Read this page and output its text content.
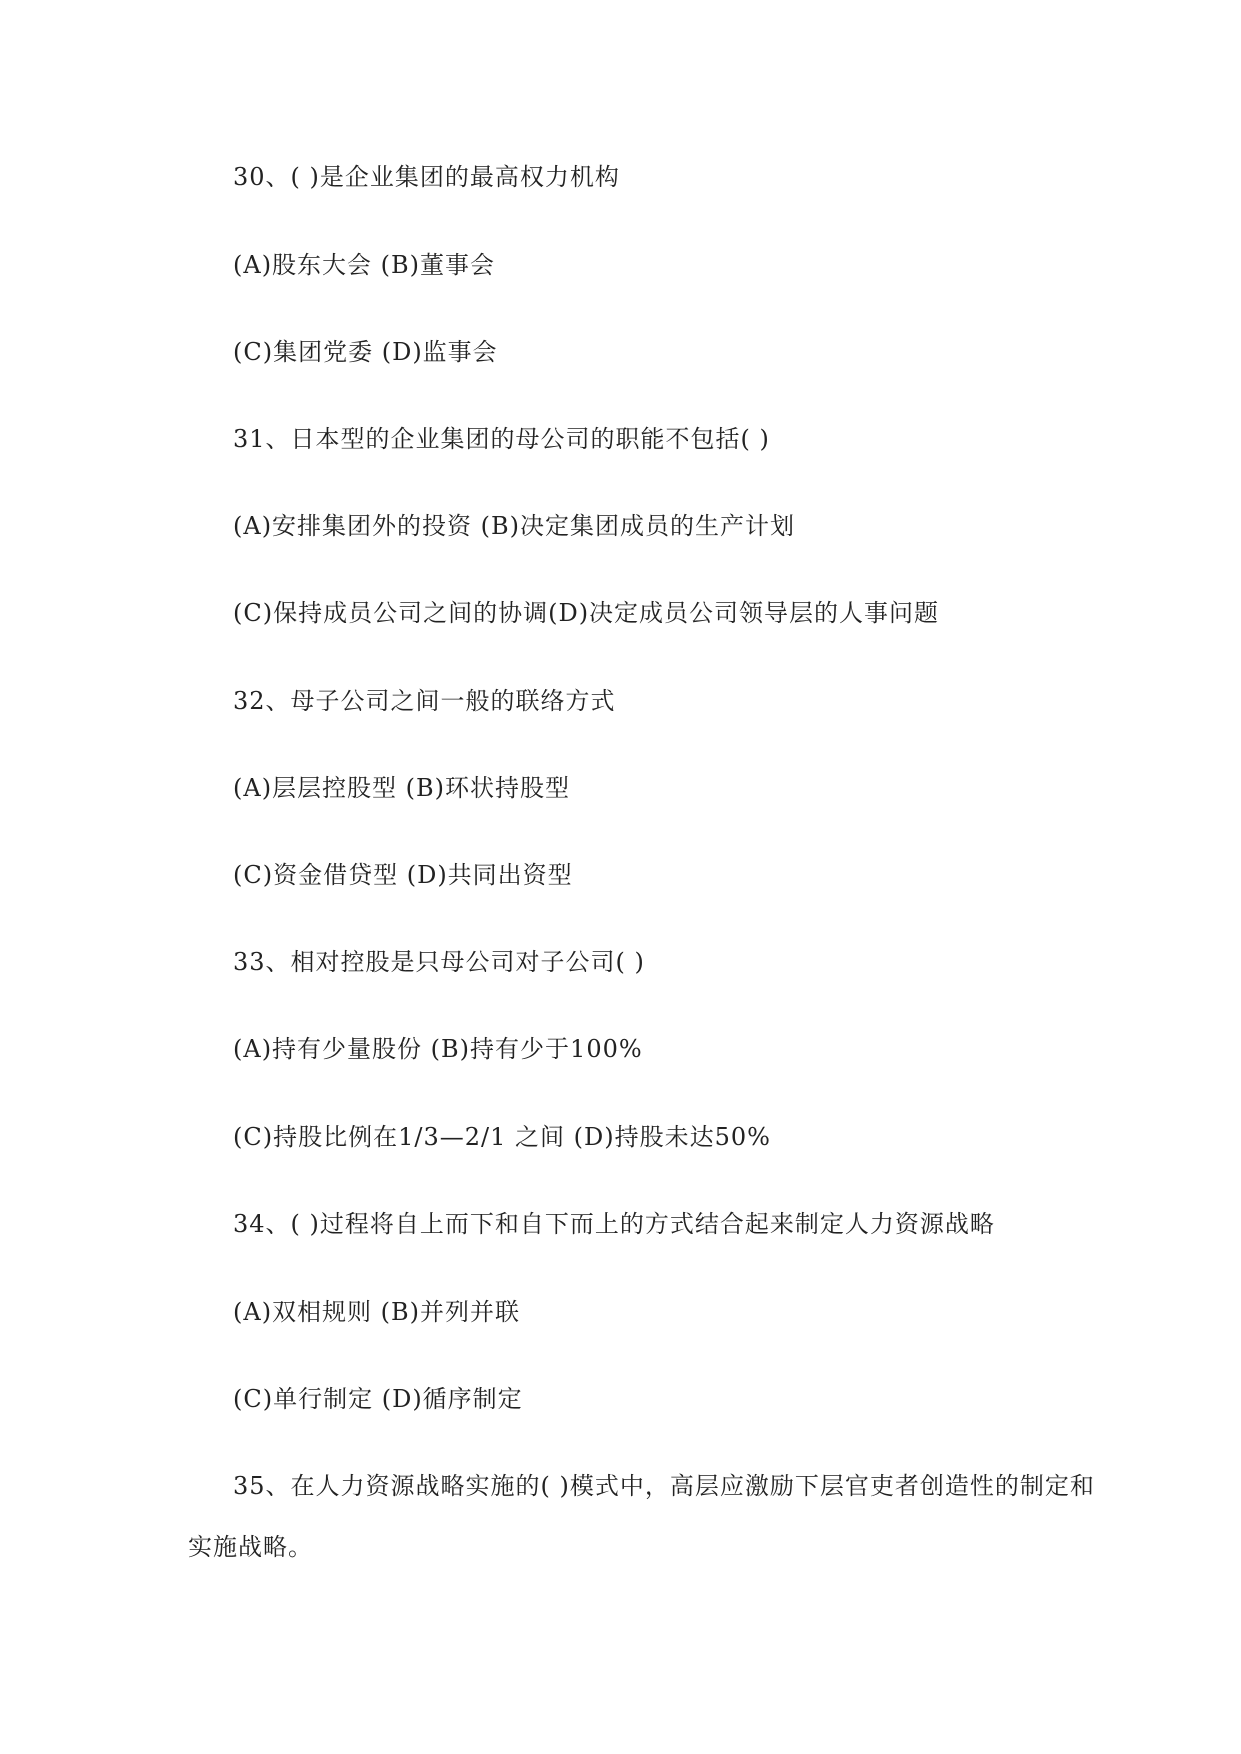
30、( )是企业集团的最高权力机构
(A)股东大会 (B)董事会
(C)集团党委 (D)监事会
31、日本型的企业集团的母公司的职能不包括( )
(A)安排集团外的投资 (B)决定集团成员的生产计划
(C)保持成员公司之间的协调(D)决定成员公司领导层的人事问题
32、母子公司之间一般的联络方式
(A)层层控股型 (B)环状持股型
(C)资金借贷型 (D)共同出资型
33、相对控股是只母公司对子公司( )
(A)持有少量股份 (B)持有少于100%
(C)持股比例在1/3—2/1 之间 (D)持股未达50%
34、( )过程将自上而下和自下而上的方式结合起来制定人力资源战略
(A)双相规则 (B)并列并联
(C)单行制定 (D)循序制定
35、在人力资源战略实施的( )模式中，高层应激励下层官吏者创造性的制定和
实施战略。
